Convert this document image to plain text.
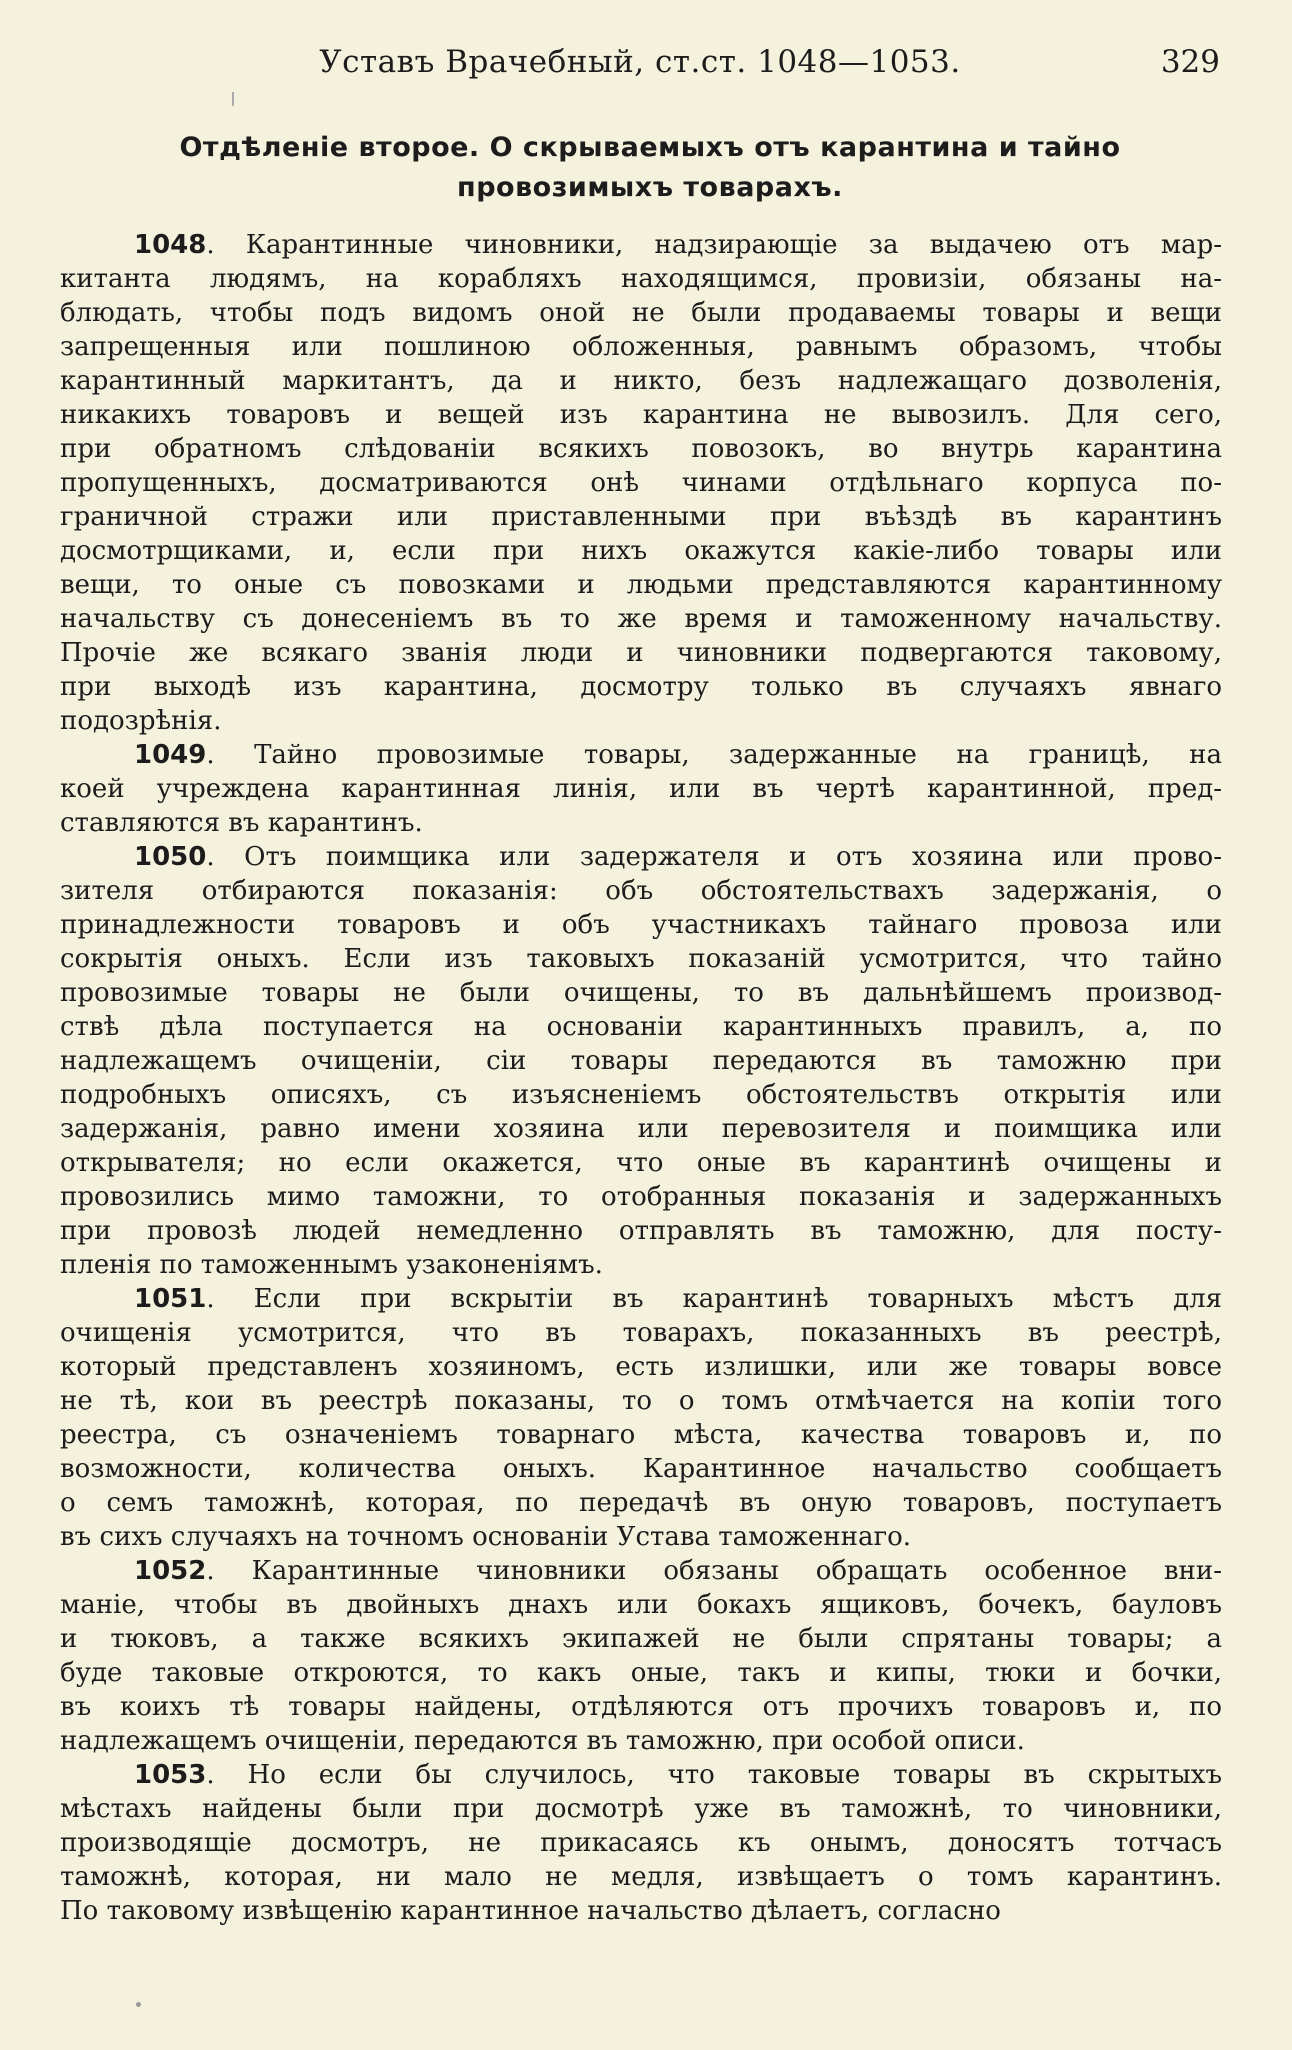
Уставъ Врачебный, ст.ст. 1048—1053.	329
Отдѣленіе второе. О скрываемыхъ отъ карантина и тайно
провозимыхъ товарахъ.
1048. Карантинные чиновники, надзирающіе за выдачею отъ мар-
китанта людямъ, на корабляхъ находящимся, провизіи, обязаны на-
блюдать, чтобы подъ видомъ оной не были продаваемы товары и вещи
запрещенныя или пошлиною обложенныя, равнымъ образомъ, чтобы
карантинный маркитантъ, да и никто, безъ надлежащаго дозволенія,
никакихъ товаровъ и вещей изъ карантина не вывозилъ. Для сего,
при обратномъ слѣдованіи всякихъ повозокъ, во внутрь карантина
пропущенныхъ, досматриваются онѣ чинами отдѣльнаго корпуса по-
граничной стражи или приставленными при въѣздѣ въ карантинъ
досмотрщиками, и, если при нихъ окажутся какіе-либо товары или
вещи, то оные съ повозками и людьми представляются карантинному
начальству съ донесеніемъ въ то же время и таможенному начальству.
Прочіе же всякаго званія люди и чиновники подвергаются таковому,
при выходѣ изъ карантина, досмотру только въ случаяхъ явнаго
подозрѣнія.
1049. Тайно провозимые товары, задержанные на границѣ, на
коей учреждена карантинная линія, или въ чертѣ карантинной, пред-
ставляются въ карантинъ.
1050. Отъ поимщика или задержателя и отъ хозяина или прово-
зителя отбираются показанія: объ обстоятельствахъ задержанія, о
принадлежности товаровъ и объ участникахъ тайнаго провоза или
сокрытія оныхъ. Если изъ таковыхъ показаній усмотрится, что тайно
провозимые товары не были очищены, то въ дальнѣйшемъ производ-
ствѣ дѣла поступается на основаніи карантинныхъ правилъ, а, по
надлежащемъ очищеніи, сіи товары передаются въ таможню при
подробныхъ описяхъ, съ изъясненіемъ обстоятельствъ открытія или
задержанія, равно имени хозяина или перевозителя и поимщика или
открывателя; но если окажется, что оные въ карантинѣ очищены и
провозились мимо таможни, то отобранныя показанія и задержанныхъ
при провозѣ людей немедленно отправлять въ таможню, для посту-
пленія по таможеннымъ узаконеніямъ.
1051. Если при вскрытіи въ карантинѣ товарныхъ мѣстъ для
очищенія усмотрится, что въ товарахъ, показанныхъ въ реестрѣ,
который представленъ хозяиномъ, есть излишки, или же товары вовсе
не тѣ, кои въ реестрѣ показаны, то о томъ отмѣчается на копіи того
реестра, съ означеніемъ товарнаго мѣста, качества товаровъ и, по
возможности, количества оныхъ. Карантинное начальство сообщаетъ
о семъ таможнѣ, которая, по передачѣ въ оную товаровъ, поступаетъ
въ сихъ случаяхъ на точномъ основаніи Устава таможеннаго.
1052. Карантинные чиновники обязаны обращать особенное вни-
маніе, чтобы въ двойныхъ днахъ или бокахъ ящиковъ, бочекъ, бауловъ
и тюковъ, а также всякихъ экипажей не были спрятаны товары; а
буде таковые откроются, то какъ оные, такъ и кипы, тюки и бочки,
въ коихъ тѣ товары найдены, отдѣляются отъ прочихъ товаровъ и, по
надлежащемъ очищеніи, передаются въ таможню, при особой описи.
1053. Но если бы случилось, что таковые товары въ скрытыхъ
мѣстахъ найдены были при досмотрѣ уже въ таможнѣ, то чиновники,
производящіе досмотръ, не прикасаясь къ онымъ, доносятъ тотчасъ
таможнѣ, которая, ни мало не медля, извѣщаетъ о томъ карантинъ.
По таковому извѣщенію карантинное начальство дѣлаетъ, согласно
